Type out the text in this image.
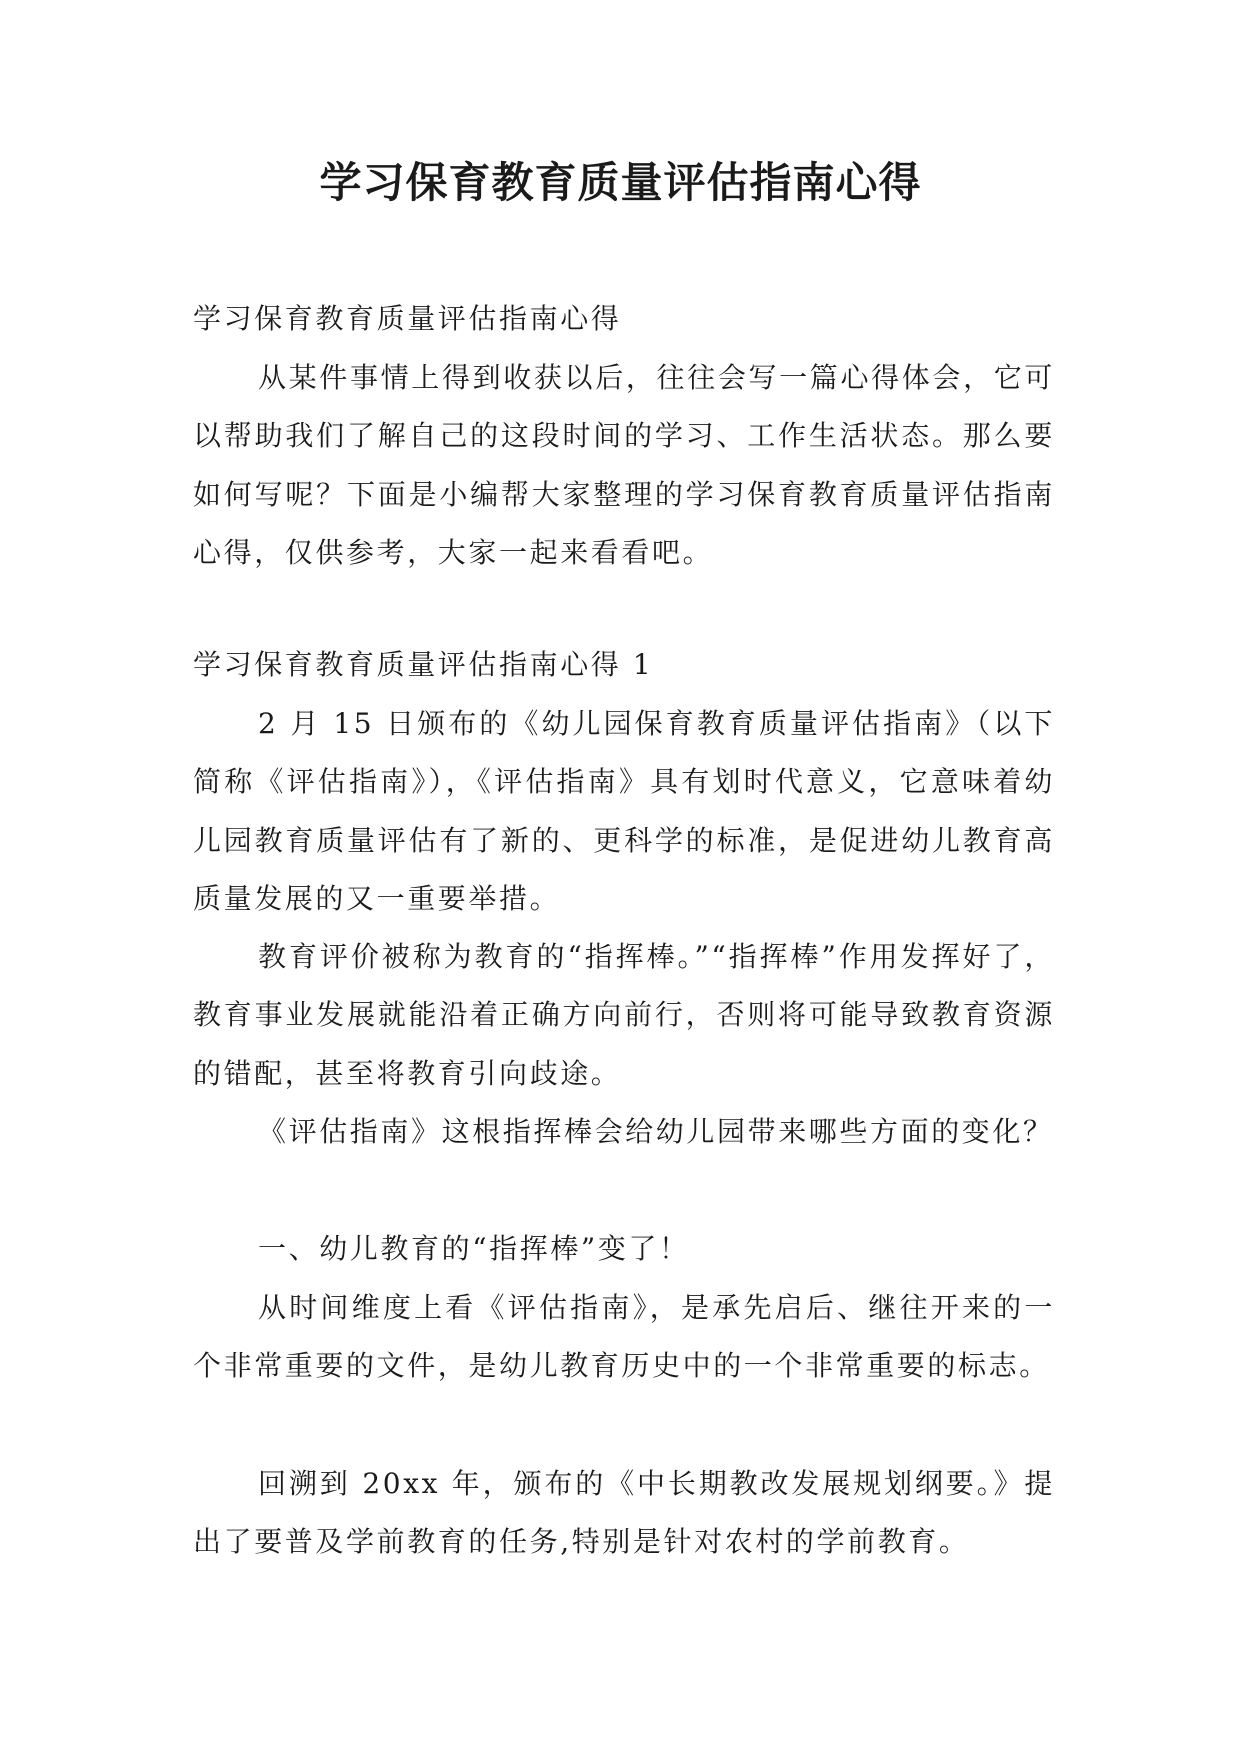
学习保育教育质量评估指南心得

学习保育教育质量评估指南心得

从某件事情上得到收获以后，往往会写一篇心得体会，它可以帮助我们了解自己的这段时间的学习、工作生活状态。那么要如何写呢？下面是小编帮大家整理的学习保育教育质量评估指南心得，仅供参考，大家一起来看看吧。

学习保育教育质量评估指南心得 1

2 月 15 日颁布的《幼儿园保育教育质量评估指南》（以下简称《评估指南》），《评估指南》具有划时代意义，它意味着幼儿园教育质量评估有了新的、更科学的标准，是促进幼儿教育高质量发展的又一重要举措。

教育评价被称为教育的“指挥棒。”“指挥棒”作用发挥好了，教育事业发展就能沿着正确方向前行，否则将可能导致教育资源的错配，甚至将教育引向歧途。

《评估指南》这根指挥棒会给幼儿园带来哪些方面的变化？

一、幼儿教育的“指挥棒”变了！

从时间维度上看《评估指南》，是承先启后、继往开来的一个非常重要的文件，是幼儿教育历史中的一个非常重要的标志。

回溯到 20xx 年，颁布的《中长期教改发展规划纲要。》提出了要普及学前教育的任务,特别是针对农村的学前教育。
